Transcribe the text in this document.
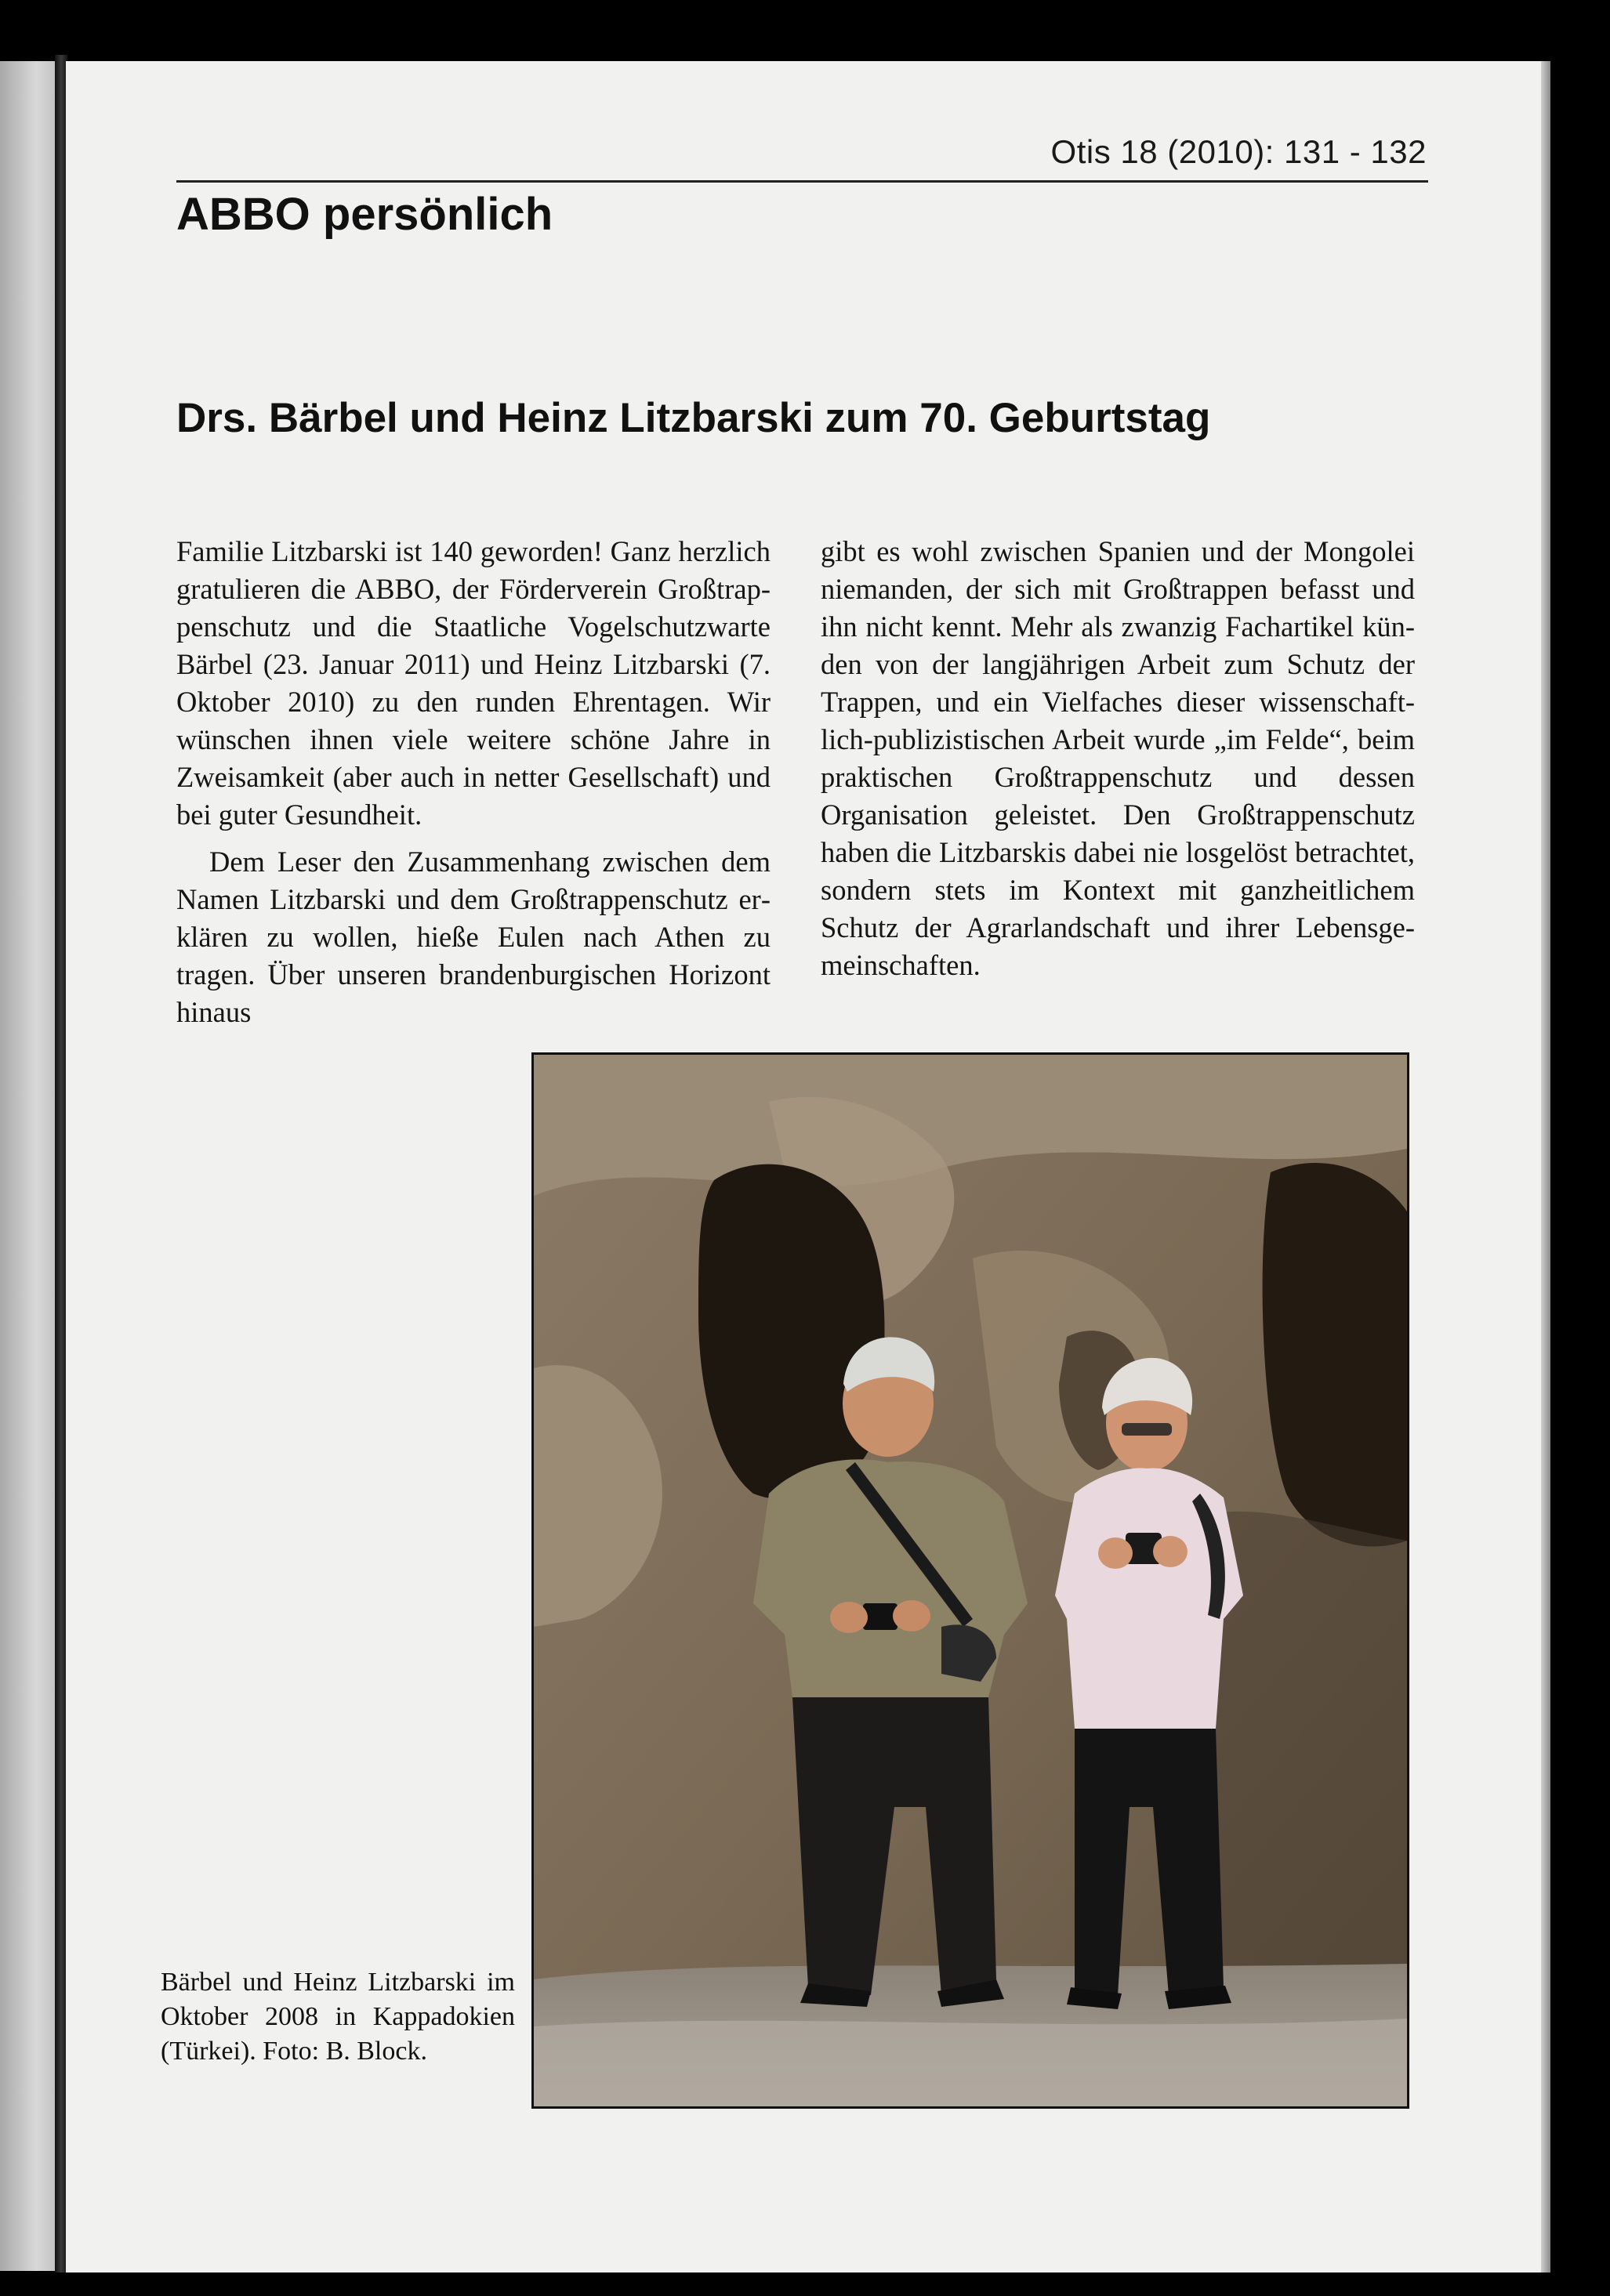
Otis 18 (2010): 131 - 132
ABBO persönlich
Drs. Bärbel und Heinz Litzbarski zum 70. Geburtstag

Familie Litzbarski ist 140 geworden! Ganz herzlich gratulieren die ABBO, der Förderverein Großtrappenschutz und die Staatliche Vogelschutzwarte Bärbel (23. Januar 2011) und Heinz Litzbarski (7. Oktober 2010) zu den runden Ehrentagen. Wir wünschen ihnen viele weitere schöne Jahre in Zweisamkeit (aber auch in netter Gesellschaft) und bei guter Gesundheit.

Dem Leser den Zusammenhang zwischen dem Namen Litzbarski und dem Großtrappenschutz erklären zu wollen, hieße Eulen nach Athen zu tragen. Über unseren brandenburgischen Horizont hinaus

gibt es wohl zwischen Spanien und der Mongolei niemanden, der sich mit Großtrappen befasst und ihn nicht kennt. Mehr als zwanzig Fachartikel künden von der langjährigen Arbeit zum Schutz der Trappen, und ein Vielfaches dieser wissenschaftlich-publizistischen Arbeit wurde „im Felde“, beim praktischen Großtrappenschutz und dessen Organisation geleistet. Den Großtrappenschutz haben die Litzbarskis dabei nie losgelöst betrachtet, sondern stets im Kontext mit ganzheitlichem Schutz der Agrarlandschaft und ihrer Lebensgemeinschaften.

Bärbel und Heinz Litzbarski im Oktober 2008 in Kappadokien (Türkei). Foto: B. Block.
